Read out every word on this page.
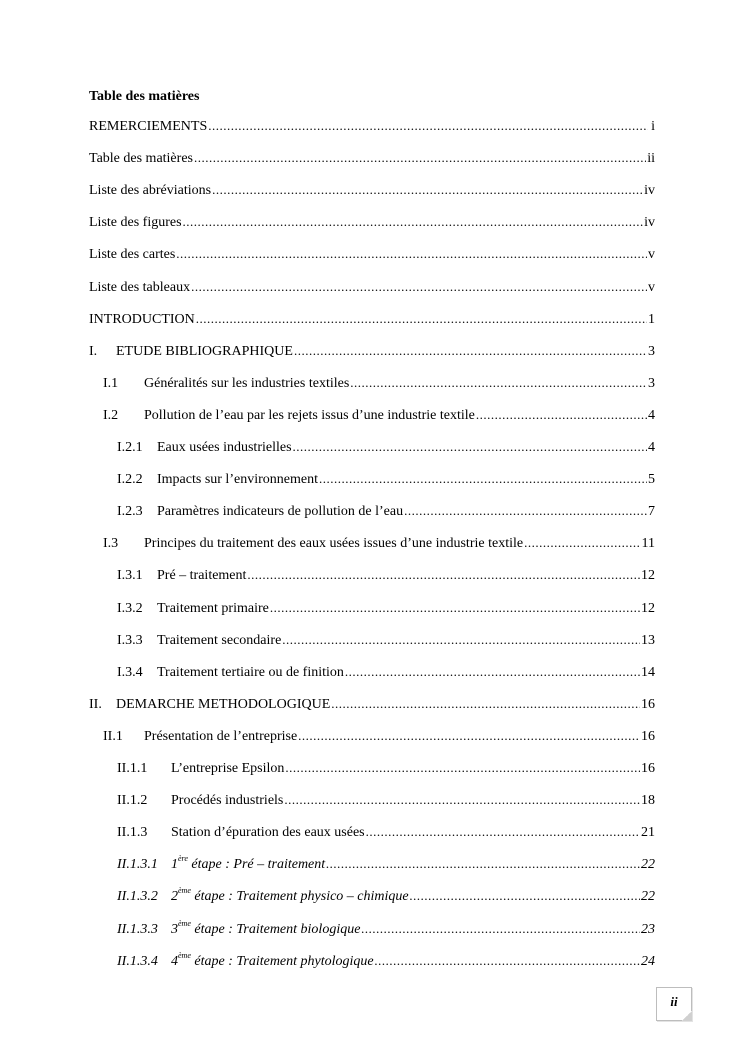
Table des matières
REMERCIEMENTS .....	i
Table des matières .....	ii
Liste des abréviations .....	iv
Liste des figures .....	iv
Liste des cartes .....	v
Liste des tableaux .....	v
INTRODUCTION .....	1
I.	ETUDE BIBLIOGRAPHIQUE .....	3
I.1	Généralités sur les industries textiles .....	3
I.2	Pollution de l’eau par les rejets issus d’une industrie textile .....	4
I.2.1	Eaux usées industrielles .....	4
I.2.2	Impacts sur l’environnement .....	5
I.2.3	Paramètres indicateurs de pollution de l’eau .....	7
I.3	Principes du traitement des eaux usées issues d’une industrie textile .....	11
I.3.1	Pré – traitement .....	12
I.3.2	Traitement primaire .....	12
I.3.3	Traitement secondaire .....	13
I.3.4	Traitement tertiaire ou de finition .....	14
II.	DEMARCHE METHODOLOGIQUE .....	16
II.1	Présentation de l’entreprise .....	16
II.1.1	L’entreprise Epsilon .....	16
II.1.2	Procédés industriels .....	18
II.1.3	Station d’épuration des eaux usées .....	21
II.1.3.1 1ère étape : Pré – traitement .....	22
II.1.3.2 2ème étape : Traitement physico – chimique .....	22
II.1.3.3 3ème étape : Traitement biologique .....	23
II.1.3.4 4ème étape : Traitement phytologique .....	24
ii
